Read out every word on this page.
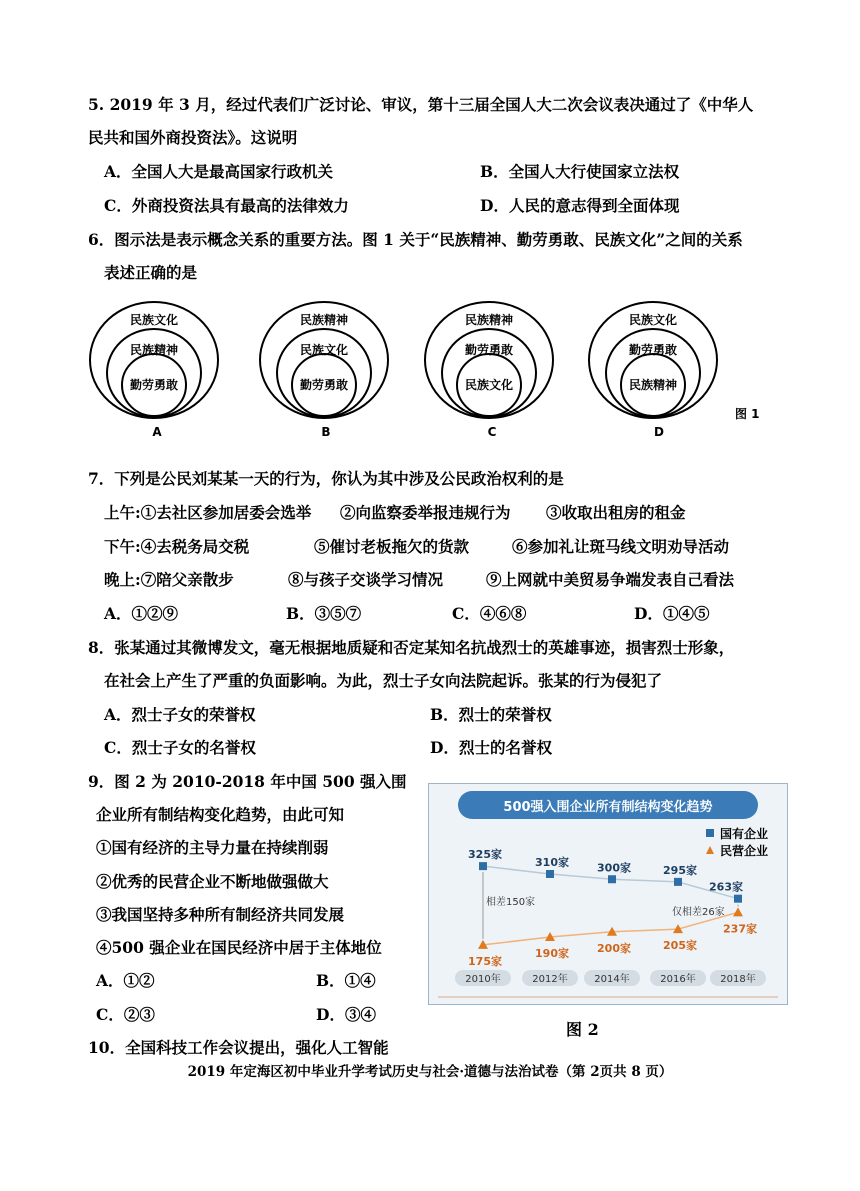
5. 2019 年 3 月，经过代表们广泛讨论、审议，第十三届全国人大二次会议表决通过了《中华人
民共和国外商投资法》。这说明
A．全国人大是最高国家行政机关	B．全国人大行使国家立法权
C．外商投资法具有最高的法律效力	D．人民的意志得到全面体现
6．图示法是表示概念关系的重要方法。图 1 关于“民族精神、勤劳勇敢、民族文化”之间的关系
表述正确的是
民族文化
民族精神
勤劳勇敢
A
民族精神
民族文化
勤劳勇敢
B
民族精神
勤劳勇敢
民族文化
C
民族文化
勤劳勇敢
民族精神
D
图 1
7．下列是公民刘某某一天的行为，你认为其中涉及公民政治权利的是
上午:①去社区参加居委会选举 ②向监察委举报违规行为 ③收取出租房的租金
下午:④去税务局交税	⑤催讨老板拖欠的货款	⑥参加礼让斑马线文明劝导活动
晚上:⑦陪父亲散步	⑧与孩子交谈学习情况	⑨上网就中美贸易争端发表自己看法
A．①②⑨	B．③⑤⑦	C．④⑥⑧	D．①④⑤
8．张某通过其微博发文，毫无根据地质疑和否定某知名抗战烈士的英雄事迹，损害烈士形象，
在社会上产生了严重的负面影响。为此，烈士子女向法院起诉。张某的行为侵犯了
A．烈士子女的荣誉权	B．烈士的荣誉权
C．烈士子女的名誉权	D．烈士的名誉权
9．图 2 为 2010-2018 年中国 500 强入围
企业所有制结构变化趋势，由此可知
①国有经济的主导力量在持续削弱
②优秀的民营企业不断地做强做大
③我国坚持多种所有制经济共同发展
④500 强企业在国民经济中居于主体地位
A．①②	B．①④
C．②③	D．③④
500强入围企业所有制结构变化趋势
国有企业
民营企业
325家
310家	300家	295家
263家
175家
190家	200家	205家
237家
2010年	2012年	2014年	2016年 2018年
相差150家
仅相差26家
图 2
10．全国科技工作会议提出，强化人工智能
2019 年定海区初中毕业升学考试历史与社会·道德与法治试卷（第 2页共 8 页）
